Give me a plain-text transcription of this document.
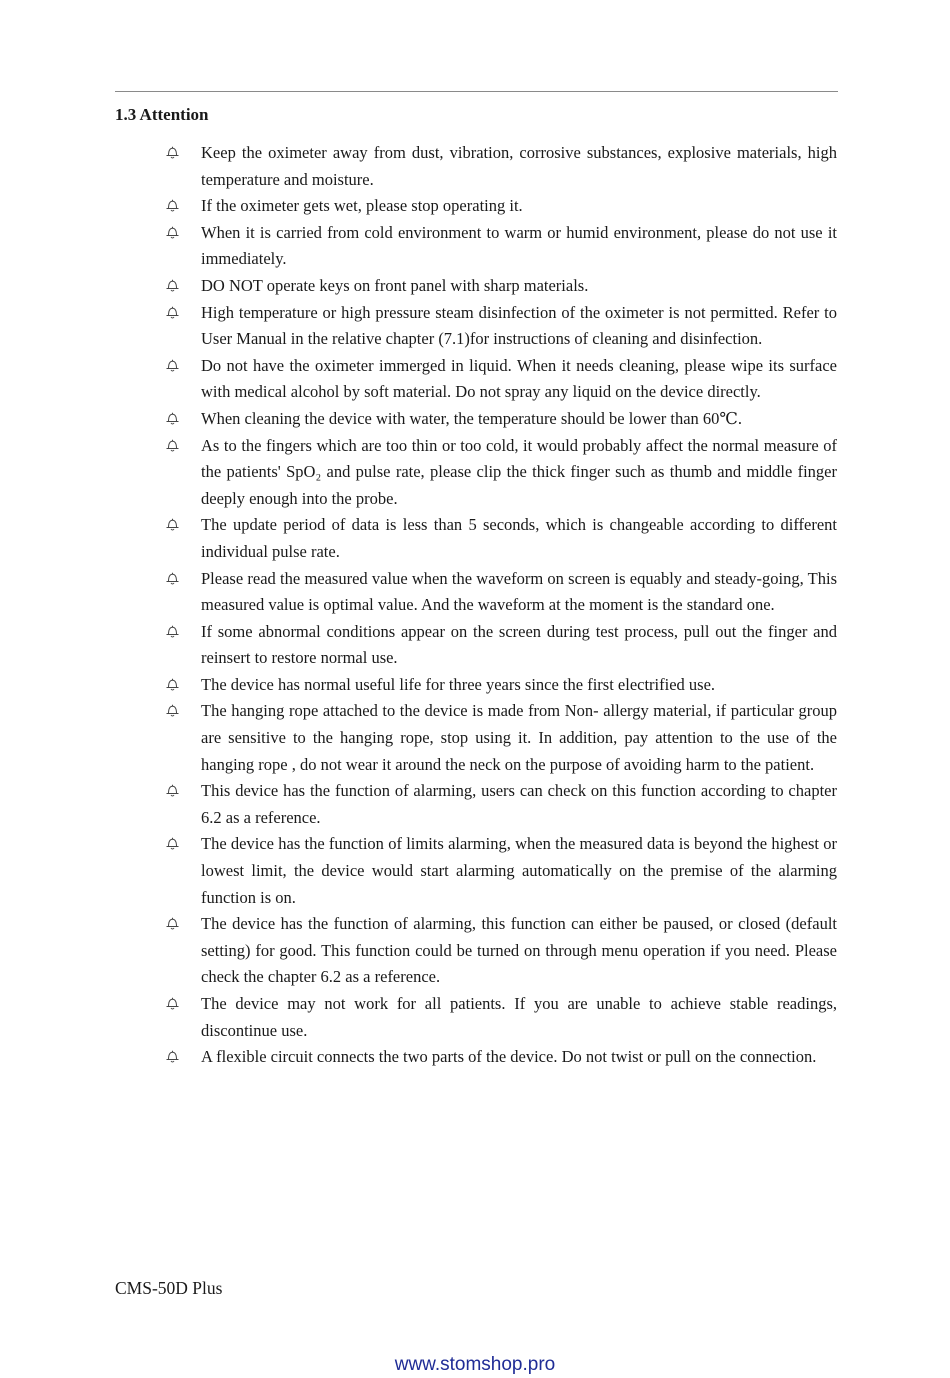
1.3 Attention
Keep the oximeter away from dust, vibration, corrosive substances, explosive materials, high temperature and moisture.
If the oximeter gets wet, please stop operating it.
When it is carried from cold environment to warm or humid environment, please do not use it immediately.
DO NOT operate keys on front panel with sharp materials.
High temperature or high pressure steam disinfection of the oximeter is not permitted. Refer to User Manual in the relative chapter (7.1)for instructions of cleaning and disinfection.
Do not have the oximeter immerged in liquid. When it needs cleaning, please wipe its surface with medical alcohol by soft material. Do not spray any liquid on the device directly.
When cleaning the device with water, the temperature should be lower than 60℃.
As to the fingers which are too thin or too cold, it would probably affect the normal measure of the patients' SpO₂ and pulse rate, please clip the thick finger such as thumb and middle finger deeply enough into the probe.
The update period of data is less than 5 seconds, which is changeable according to different individual pulse rate.
Please read the measured value when the waveform on screen is equably and steady-going, This measured value is optimal value. And the waveform at the moment is the standard one.
If some abnormal conditions appear on the screen during test process, pull out the finger and reinsert to restore normal use.
The device has normal useful life for three years since the first electrified use.
The hanging rope attached to the device is made from Non- allergy material, if particular group are sensitive to the hanging rope, stop using it. In addition, pay attention to the use of the hanging rope , do not wear it around the neck on the purpose of avoiding harm to the patient.
This device has the function of alarming, users can check on this function according to chapter 6.2 as a reference.
The device has the function of limits alarming, when the measured data is beyond the highest or lowest limit, the device would start alarming automatically on the premise of the alarming function is on.
The device has the function of alarming, this function can either be paused, or closed (default setting) for good. This function could be turned on through menu operation if you need. Please check the chapter 6.2 as a reference.
The device may not work for all patients. If you are unable to achieve stable readings, discontinue use.
A flexible circuit connects the two parts of the device. Do not twist or pull on the connection.
CMS-50D Plus
www.stomshop.pro
